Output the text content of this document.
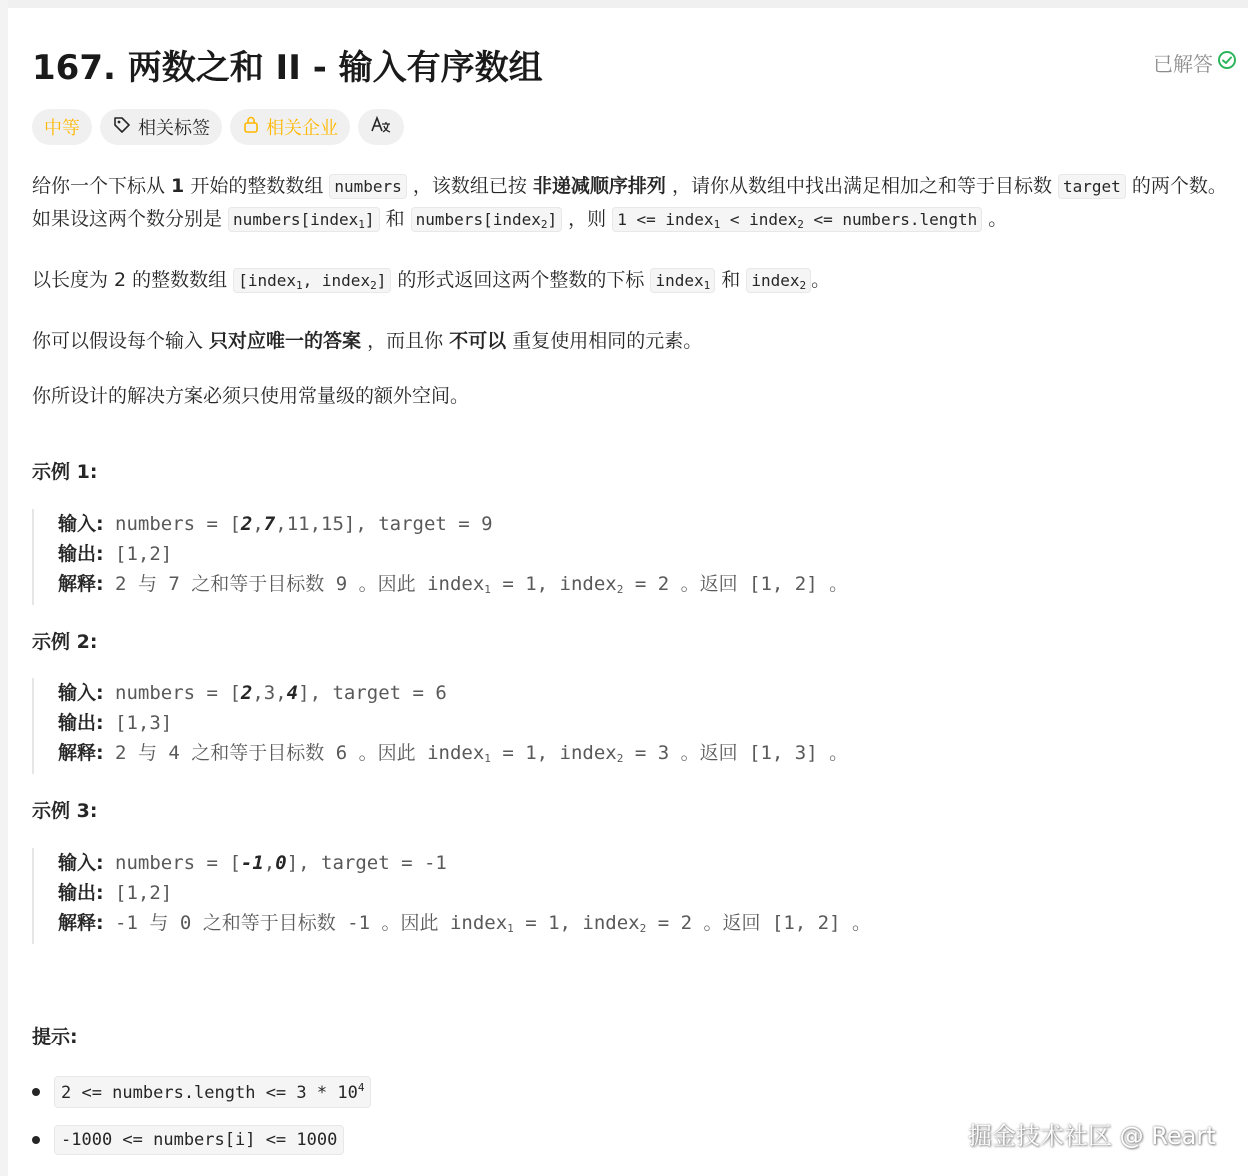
167. 两数之和 II - 输入有序数组	已解答
中等	相关标签	相关企业

给你一个下标从 1 开始的整数数组 numbers ，该数组已按 非递减顺序排列 ，请你从数组中找出满足相加之和等于目标数 target 的两个数。如果设这两个数分别是 numbers[index$_1$] 和 numbers[index$_2$] ，则 1 <= index$_1$ < index$_2$ <= numbers.length 。

以长度为 2 的整数数组 [index$_1$, index$_2$] 的形式返回这两个整数的下标 index$_1$ 和 index$_2$ 。

你可以假设每个输入 只对应唯一的答案 ，而且你 不可以 重复使用相同的元素。

你所设计的解决方案必须只使用常量级的额外空间。

示例 1:
输入: numbers = [2,7,11,15], target = 9
输出: [1,2]
解释: 2 与 7 之和等于目标数 9 。因此 index$_1$ = 1, index$_2$ = 2 。返回 [1, 2] 。
示例 2:
输入: numbers = [2,3,4], target = 6
输出: [1,3]
解释: 2 与 4 之和等于目标数 6 。因此 index$_1$ = 1, index$_2$ = 3 。返回 [1, 3] 。
示例 3:
输入: numbers = [-1,0], target = -1
输出: [1,2]
解释: -1 与 0 之和等于目标数 -1 。因此 index$_1$ = 1, index$_2$ = 2 。返回 [1, 2] 。
提示:
2 <= numbers.length <= $3 * 10^4$
-1000 <= numbers[i] <= 1000	掘金技术社区 @ Reart
